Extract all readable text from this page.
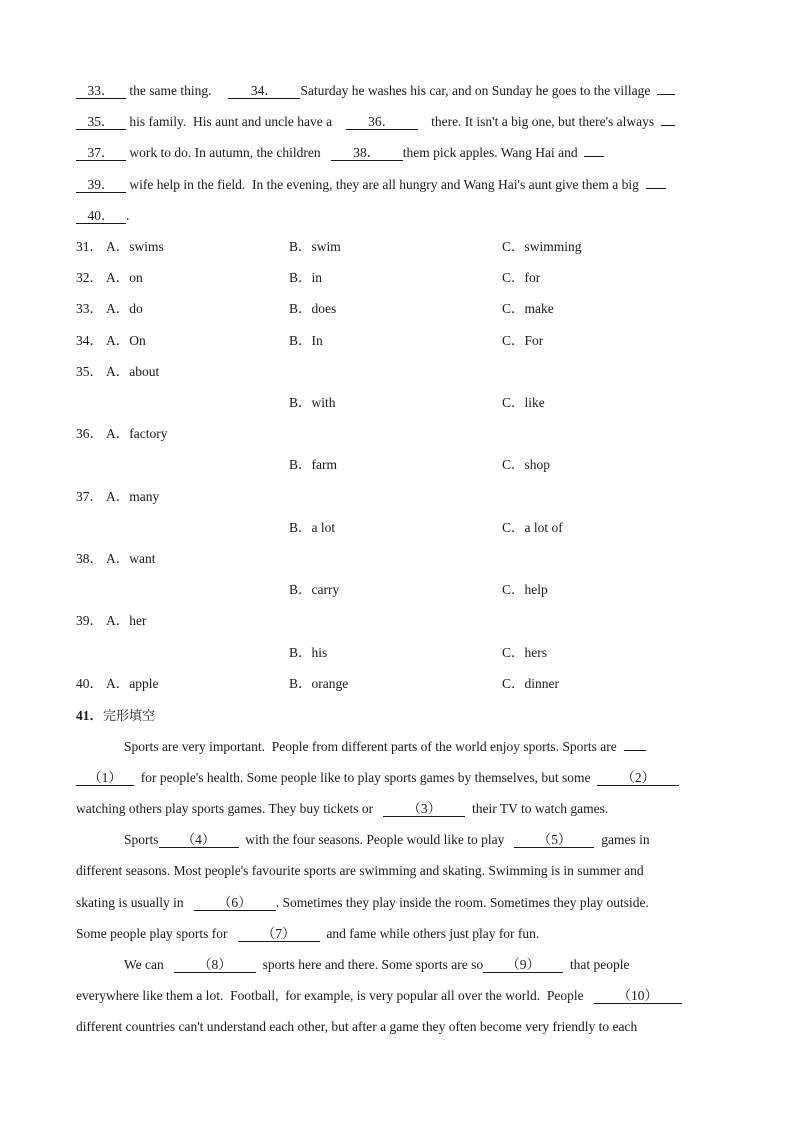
33． the same thing.     34． Saturday he washes his car, and on Sunday he goes to the village
35． his family.  His aunt and uncle have a    36．    there. It isn't a big one, but there's always
37． work to do. In autumn, the children   38． them pick apples. Wang Hai and
39． wife help in the field.  In the evening, they are all hungry and Wang Hai's aunt give them a big
40． .
31． A．swims	B．swim	C．swimming
32． A．on	B．in	C．for
33． A．do	B．does	C．make
34． A．On	B．In	C．For
35． A．about
B．with	C．like
36． A．factory
B．farm	C．shop
37． A．many
B．a lot	C．a lot of
38． A．want
B．carry	C．help
39． A．her
B．his	C．hers
40． A．apple	B．orange	C．dinner
41．完形填空
Sports are very important.  People from different parts of the world enjoy sports. Sports are
（1）  for people's health. Some people like to play sports games by themselves, but some  （2）
watching others play sports games. They buy tickets or   （3）  their TV to watch games.
Sports （4）  with the four seasons. People would like to play   （5）  games in
different seasons. Most people's favourite sports are swimming and skating. Swimming is in summer and
skating is usually in   （6） . Sometimes they play inside the room. Sometimes they play outside.
Some people play sports for   （7）  and fame while others just play for fun.
We can   （8）  sports here and there. Some sports are so （9）  that people
everywhere like them a lot.  Football,  for example, is very popular all over the world.  People   （10）
different countries can't understand each other, but after a game they often become very friendly to each
